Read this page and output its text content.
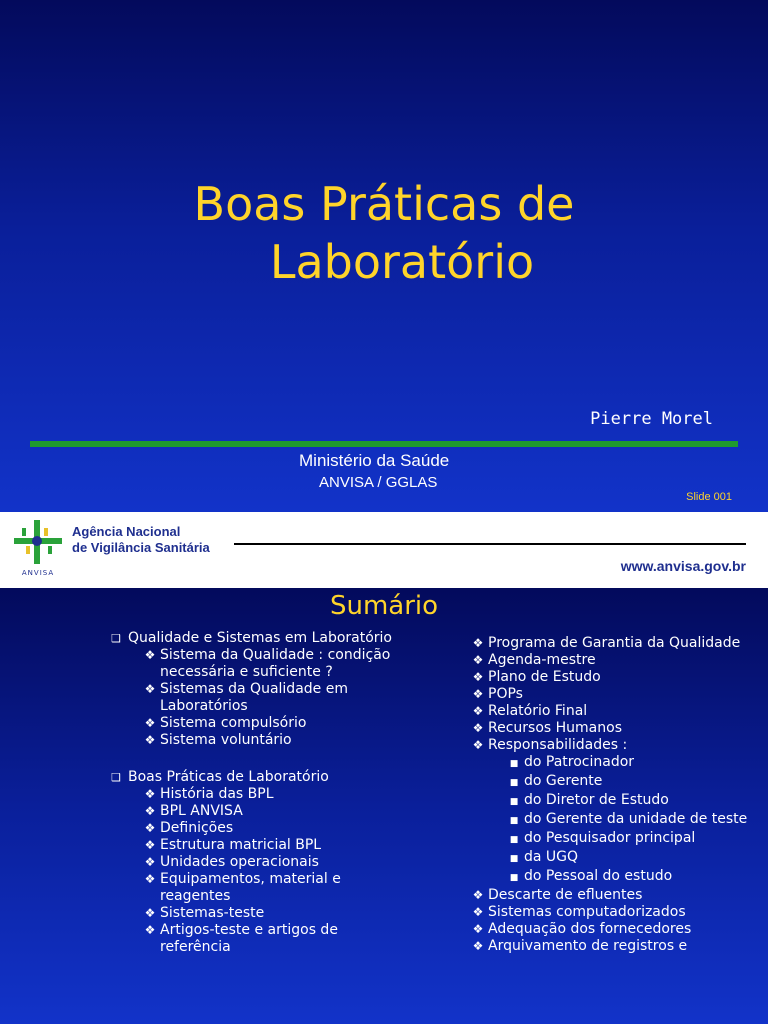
Boas Práticas de
Laboratório
Pierre Morel
Ministério da Saúde
ANVISA / GGLAS
Slide 001
ANVISA
Agência Nacional
de Vigilância Sanitária
www.anvisa.gov.br
Sumário
❑ Qualidade e Sistemas em Laboratório
❖ Sistema da Qualidade : condição necessária e suficiente ?
❖ Sistemas da Qualidade em Laboratórios
❖ Sistema compulsório
❖ Sistema voluntário
❑ Boas Práticas de Laboratório
❖ História das BPL
❖ BPL ANVISA
❖ Definições
❖ Estrutura matricial BPL
❖ Unidades operacionais
❖ Equipamentos, material e reagentes
❖ Sistemas-teste
❖ Artigos-teste e artigos de referência
❖ Programa de Garantia da Qualidade
❖ Agenda-mestre
❖ Plano de Estudo
❖ POPs
❖ Relatório Final
❖ Recursos Humanos
❖ Responsabilidades :
■ do Patrocinador
■ do Gerente
■ do Diretor de Estudo
■ do Gerente da unidade de teste
■ do Pesquisador principal
■ da UGQ
■ do Pessoal do estudo
❖ Descarte de efluentes
❖ Sistemas computadorizados
❖ Adequação dos fornecedores
❖ Arquivamento de registros e
